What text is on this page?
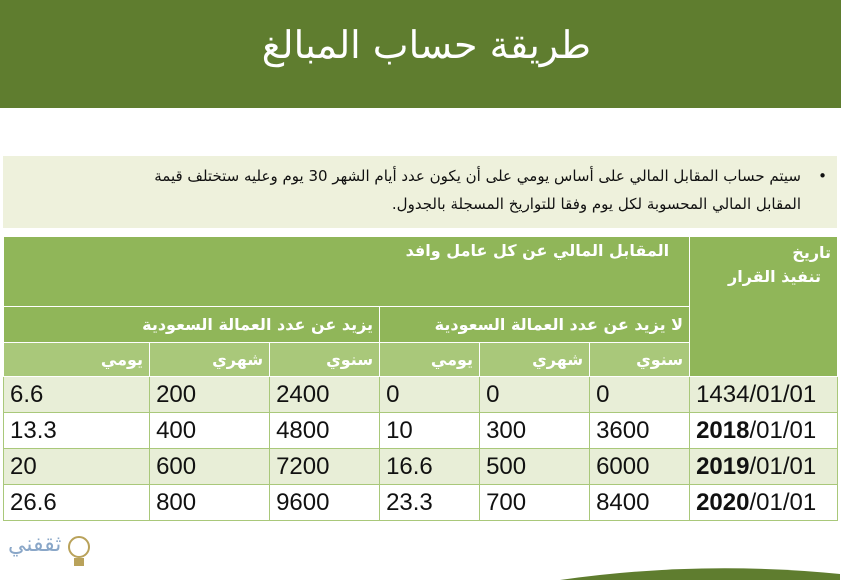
طريقة حساب المبالغ
•
سيتم حساب المقابل المالي على أساس يومي على أن يكون عدد أيام الشهر 30 يوم وعليه ستختلف قيمة
المقابل المالي المحسوبة لكل يوم وفقا للتواريخ المسجلة بالجدول.
تاريخ
تنفيذ القرار	المقابل المالي عن كل عامل وافد					
	لا يزيد عن عدد العمالة السعودية			يزيد عن عدد العمالة السعودية		
	سنوي	شهري	يومي	سنوي	شهري	يومي
1434/01/01	0	0	0	2400	200	6.6
2018/01/01	3600	300	10	4800	400	13.3
2019/01/01	6000	500	16.6	7200	600	20
2020/01/01	8400	700	23.3	9600	800	26.6
ثقفني
